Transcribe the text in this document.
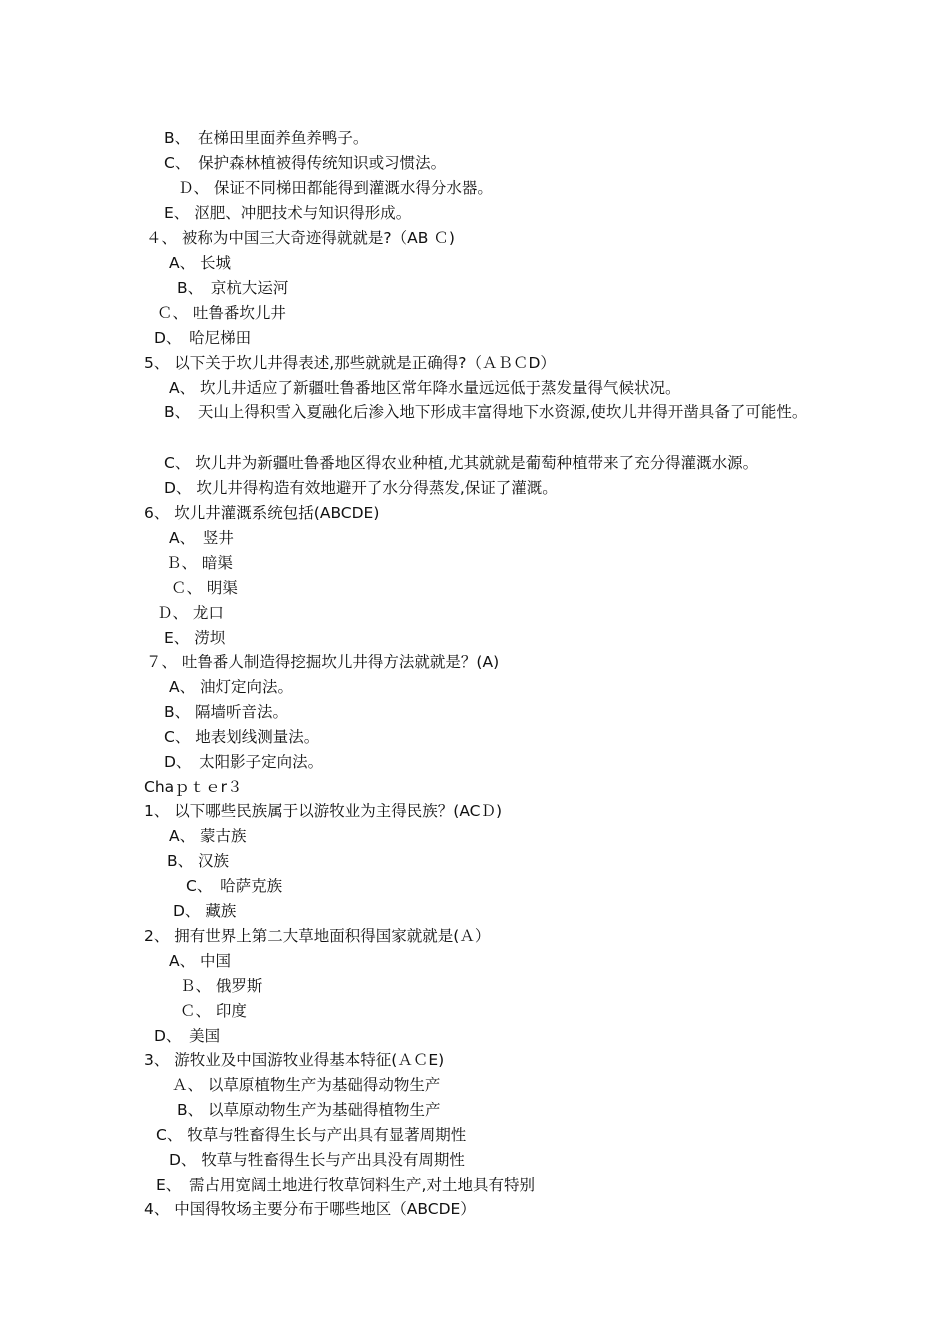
B、　在梯田里面养鱼养鸭子。
C、　保护森林植被得传统知识或习惯法。
Ｄ、 保证不同梯田都能得到灌溉水得分水器。
E、 沤肥、冲肥技术与知识得形成。
４、 被称为中国三大奇迹得就就是?（AB Ｃ)
A、 长城
B、　京杭大运河
Ｃ、 吐鲁番坎儿井
D、　哈尼梯田
5、 以下关于坎儿井得表述,那些就就是正确得?（ＡＢＣD）
A、 坎儿井适应了新疆吐鲁番地区常年降水量远远低于蒸发量得气候状况。
B、　天山上得积雪入夏融化后渗入地下形成丰富得地下水资源,使坎儿井得开凿具备了可能性。
C、 坎儿井为新疆吐鲁番地区得农业种植,尤其就就是葡萄种植带来了充分得灌溉水源。
D、 坎儿井得构造有效地避开了水分得蒸发,保证了灌溉。
6、 坎儿井灌溉系统包括(ABCDE)
A、　竖井
Ｂ、 暗渠
Ｃ、 明渠
Ｄ、 龙口
E、 涝坝
７、 吐鲁番人制造得挖掘坎儿井得方法就就是？(A)
A、 油灯定向法。
B、 隔墙听音法。
C、 地表划线测量法。
D、　太阳影子定向法。
Chaｐｔｅr３
1、 以下哪些民族属于以游牧业为主得民族？(ACＤ)
A、 蒙古族
B、 汉族
C、　哈萨克族
D、 藏族
2、 拥有世界上第二大草地面积得国家就就是(Ａ）
A、 中国
Ｂ、 俄罗斯
Ｃ、 印度
D、　美国
3、 游牧业及中国游牧业得基本特征(ＡＣE)
Ａ、 以草原植物生产为基础得动物生产
B、 以草原动物生产为基础得植物生产
C、 牧草与牲畜得生长与产出具有显著周期性
D、 牧草与牲畜得生长与产出具没有周期性
E、　需占用宽阔土地进行牧草饲料生产,对土地具有特别
4、 中国得牧场主要分布于哪些地区（ABCDE）
